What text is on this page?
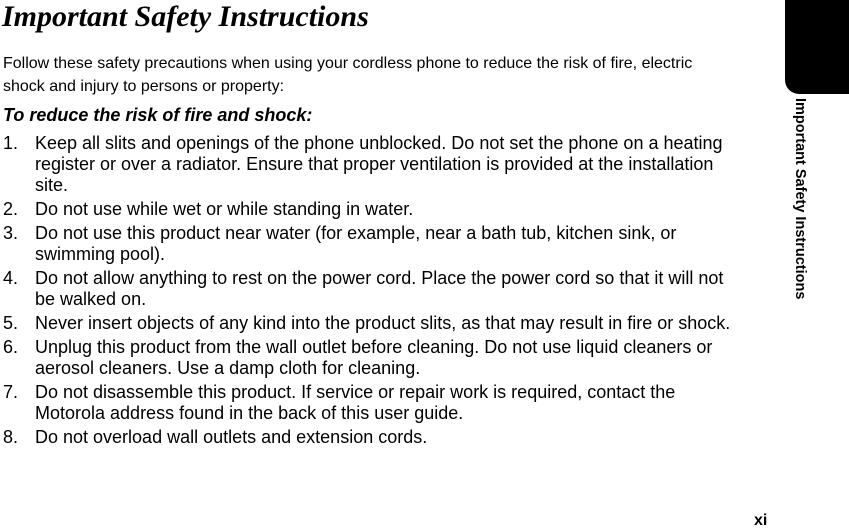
Important Safety Instructions
Follow these safety precautions when using your cordless phone to reduce the risk of fire, electric shock and injury to persons or property:
To reduce the risk of fire and shock:
1. Keep all slits and openings of the phone unblocked. Do not set the phone on a heating register or over a radiator. Ensure that proper ventilation is provided at the installation site.
2. Do not use while wet or while standing in water.
3. Do not use this product near water (for example, near a bath tub, kitchen sink, or swimming pool).
4. Do not allow anything to rest on the power cord. Place the power cord so that it will not be walked on.
5. Never insert objects of any kind into the product slits, as that may result in fire or shock.
6. Unplug this product from the wall outlet before cleaning. Do not use liquid cleaners or aerosol cleaners. Use a damp cloth for cleaning.
7. Do not disassemble this product. If service or repair work is required, contact the Motorola address found in the back of this user guide.
8. Do not overload wall outlets and extension cords.
Important Safety Instructions
xi
